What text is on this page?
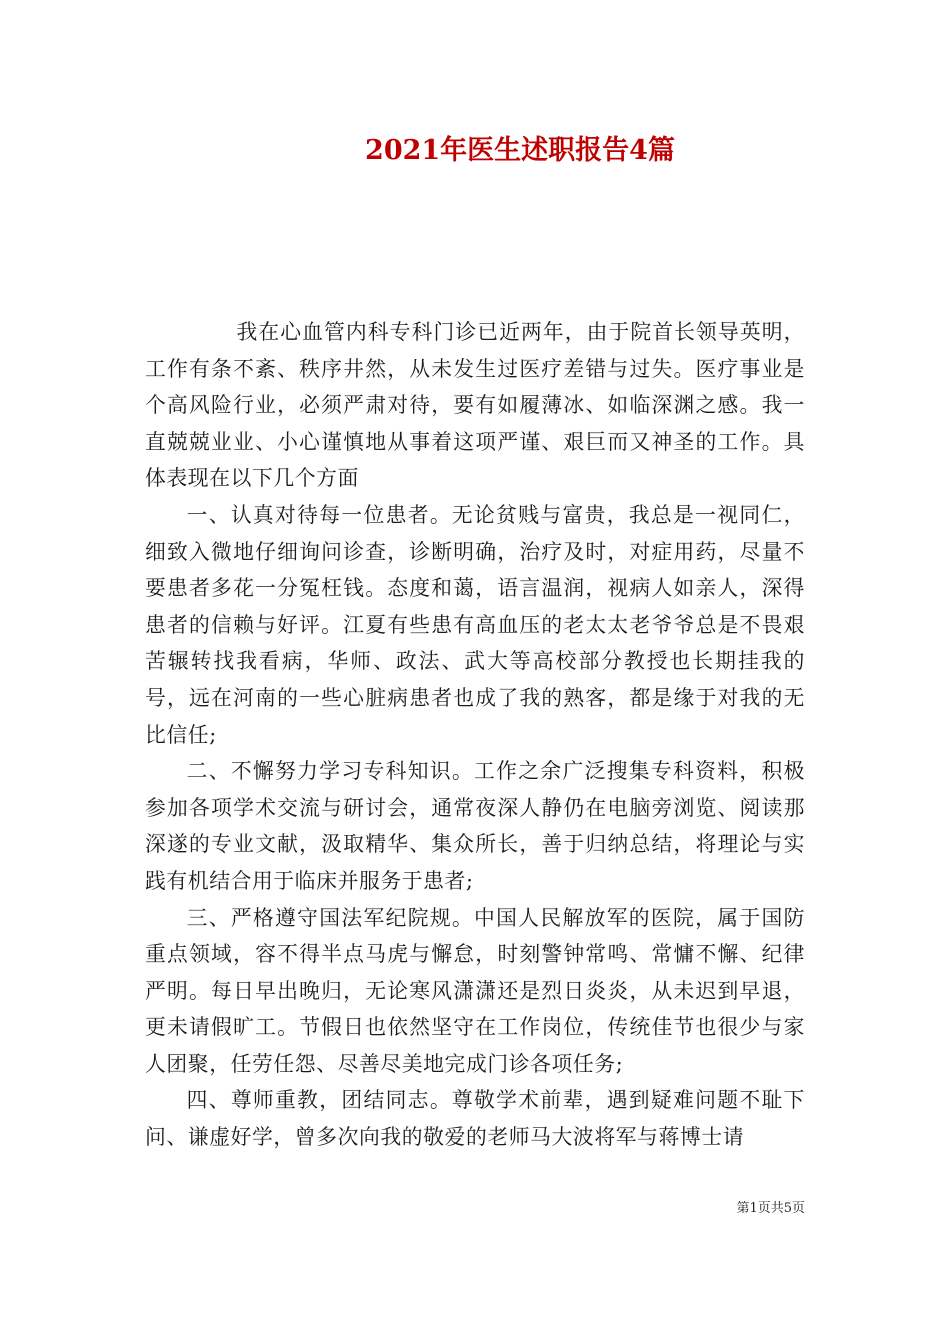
2021年医生述职报告4篇

我在心血管内科专科门诊已近两年，由于院首长领导英明，工作有条不紊、秩序井然，从未发生过医疗差错与过失。医疗事业是个高风险行业，必须严肃对待，要有如履薄冰、如临深渊之感。我一直兢兢业业、小心谨慎地从事着这项严谨、艰巨而又神圣的工作。具体表现在以下几个方面

一、认真对待每一位患者。无论贫贱与富贵，我总是一视同仁，细致入微地仔细询问诊查，诊断明确，治疗及时，对症用药，尽量不要患者多花一分冤枉钱。态度和蔼，语言温润，视病人如亲人，深得患者的信赖与好评。江夏有些患有高血压的老太太老爷爷总是不畏艰苦辗转找我看病，华师、政法、武大等高校部分教授也长期挂我的号，远在河南的一些心脏病患者也成了我的熟客，都是缘于对我的无比信任;

二、不懈努力学习专科知识。工作之余广泛搜集专科资料，积极参加各项学术交流与研讨会，通常夜深人静仍在电脑旁浏览、阅读那深遂的专业文献，汲取精华、集众所长，善于归纳总结，将理论与实践有机结合用于临床并服务于患者;

三、严格遵守国法军纪院规。中国人民解放军的医院，属于国防重点领域，容不得半点马虎与懈怠，时刻警钟常鸣、常慵不懈、纪律严明。每日早出晚归，无论寒风潇潇还是烈日炎炎，从未迟到早退，更未请假旷工。节假日也依然坚守在工作岗位，传统佳节也很少与家人团聚，任劳任怨、尽善尽美地完成门诊各项任务;

四、尊师重教，团结同志。尊敬学术前辈，遇到疑难问题不耻下问、谦虚好学，曾多次向我的敬爱的老师马大波将军与蒋博士请

第1页共5页
